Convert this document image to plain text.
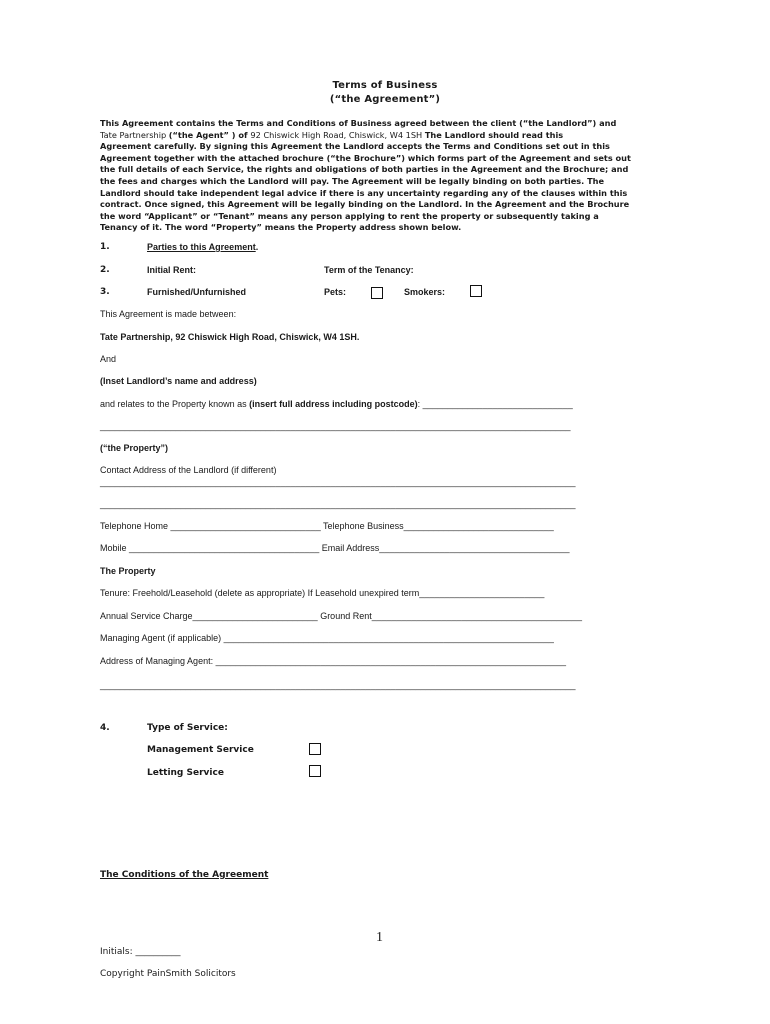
Terms of Business
(“the Agreement”)

This Agreement contains the Terms and Conditions of Business agreed between the client (“the Landlord”) and

Tate Partnership (“the Agent” ) of 92 Chiswick High Road, Chiswick, W4 1SH The Landlord should read this

Agreement carefully. By signing this Agreement the Landlord accepts the Terms and Conditions set out in this

Agreement together with the attached brochure (“the Brochure”) which forms part of the Agreement and sets out

the full details of each Service, the rights and obligations of both parties in the Agreement and the Brochure; and

the fees and charges which the Landlord will pay. The Agreement will be legally binding on both parties. The

Landlord should take independent legal advice if there is any uncertainty regarding any of the clauses within this

contract. Once signed, this Agreement will be legally binding on the Landlord. In the Agreement and the Brochure

the word “Applicant” or “Tenant” means any person applying to rent the property or subsequently taking a

Tenancy of it. The word “Property” means the Property address shown below.

1.	Parties to this Agreement.
2.	Initial Rent:	Term of the Tenancy:
3.	Furnished/Unfurnished	Pets:	Smokers:
This Agreement is made between:
Tate Partnership, 92 Chiswick High Road, Chiswick, W4 1SH.
And
(Inset Landlord’s name and address)
and relates to the Property known as (insert full address including postcode): ______________________________
______________________________________________________________________________________________
(“the Property”)
Contact Address of the Landlord (if different)
_______________________________________________________________________________________________
_______________________________________________________________________________________________
Telephone Home ______________________________ Telephone Business______________________________
Mobile ______________________________________ Email Address______________________________________
The Property
Tenure: Freehold/Leasehold (delete as appropriate) If Leasehold unexpired term_________________________
Annual Service Charge_________________________ Ground Rent__________________________________________
Managing Agent (if applicable) __________________________________________________________________
Address of Managing Agent: ______________________________________________________________________
_______________________________________________________________________________________________
4.	Type of Service:
Management Service
Letting Service
The Conditions of the Agreement
1
Initials: __________
Copyright PainSmith Solicitors
